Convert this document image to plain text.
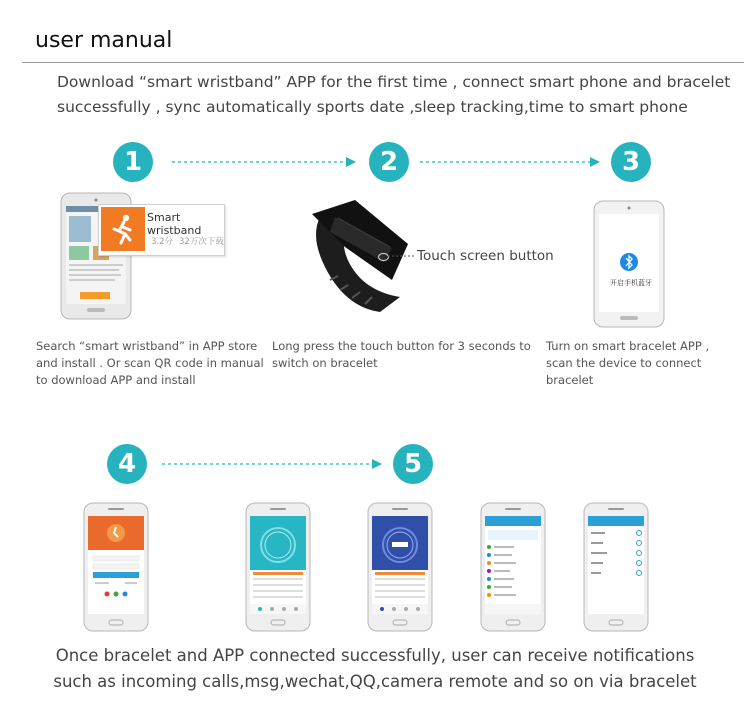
user manual
Download “smart wristband” APP for the first time , connect smart phone and bracelet
successfully , sync automatically sports date ,sleep tracking,time to smart phone
1	2	3
Smart wristband
3.2分 32万次下载
Touch screen button
开启手机蓝牙
Search “smart wristband” in APP store
and install . Or scan QR code in manual
to download APP and install
Long press the touch button for 3 seconds to
switch on bracelet
Turn on smart bracelet APP ,
scan the device to connect bracelet
4	5
Once bracelet and APP connected successfully, user can receive notifications
such as incoming calls,msg,wechat,QQ,camera remote and so on via bracelet
